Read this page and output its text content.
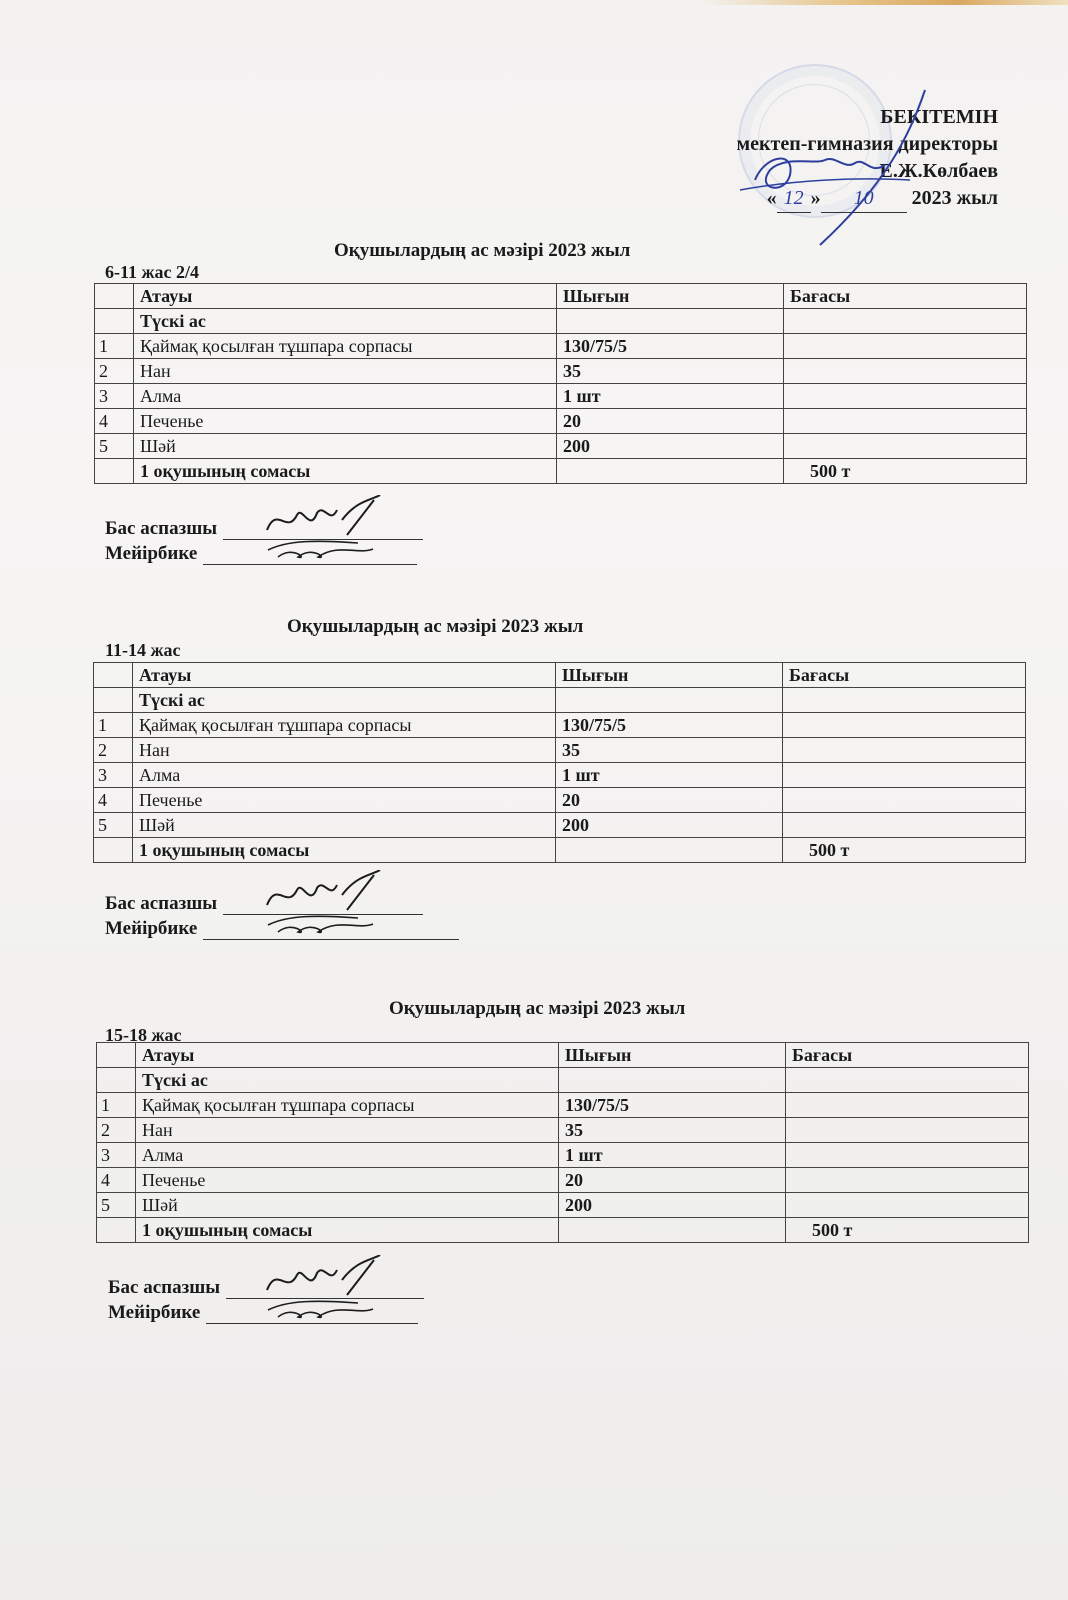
БЕКІТЕМІН
мектеп-гимназия директоры
Е.Ж.Көлбаев
« 12 » 10 2023 жыл
Оқушылардың ас мәзірі 2023 жыл
6-11 жас 2/4
	Атауы	Шығын	Бағасы
	Түскі ас		
1	Қаймақ қосылған тұшпара сорпасы	130/75/5	
2	Нан	35	
3	Алма	1 шт	
4	Печенье	20	
5	Шәй	200	
	1 оқушының сомасы		500 т
Бас аспазшы
Мейірбике
Оқушылардың ас мәзірі 2023 жыл
11-14 жас
	Атауы	Шығын	Бағасы
	Түскі ас		
1	Қаймақ қосылған тұшпара сорпасы	130/75/5	
2	Нан	35	
3	Алма	1 шт	
4	Печенье	20	
5	Шәй	200	
	1 оқушының сомасы		500 т
Бас аспазшы
Мейірбике
Оқушылардың ас мәзірі 2023 жыл
15-18 жас
	Атауы	Шығын	Бағасы
	Түскі ас		
1	Қаймақ қосылған тұшпара сорпасы	130/75/5	
2	Нан	35	
3	Алма	1 шт	
4	Печенье	20	
5	Шәй	200	
	1 оқушының сомасы		500 т
Бас аспазшы
Мейірбике
